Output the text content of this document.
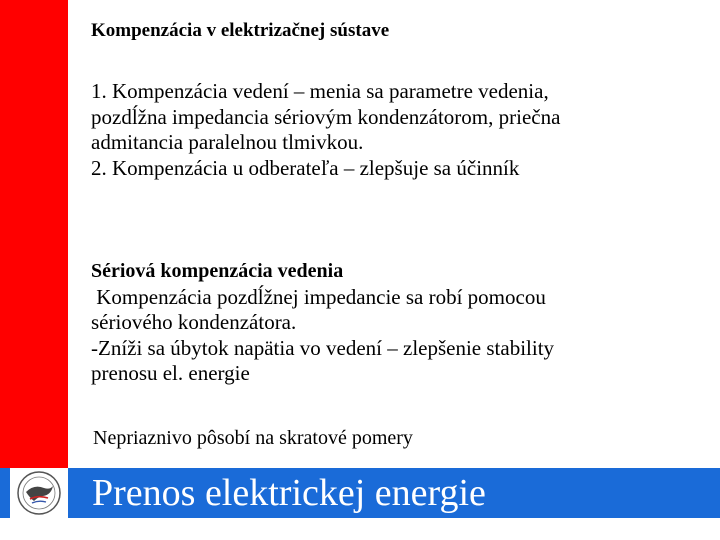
Kompenzácia v elektrizačnej sústave
1. Kompenzácia vedení – menia sa parametre vedenia,
pozdĺžna impedancia sériovým kondenzátorom, priečna
admitancia paralelnou tlmivkou.
2. Kompenzácia u odberateľa – zlepšuje sa účinník
Sériová kompenzácia vedenia
Kompenzácia pozdĺžnej impedancie sa robí pomocou
sériového kondenzátora.
-Zníži sa úbytok napätia vo vedení – zlepšenie stability
prenosu el. energie
Nepriaznivo pôsobí na skratové pomery
Prenos elektrickej energie
